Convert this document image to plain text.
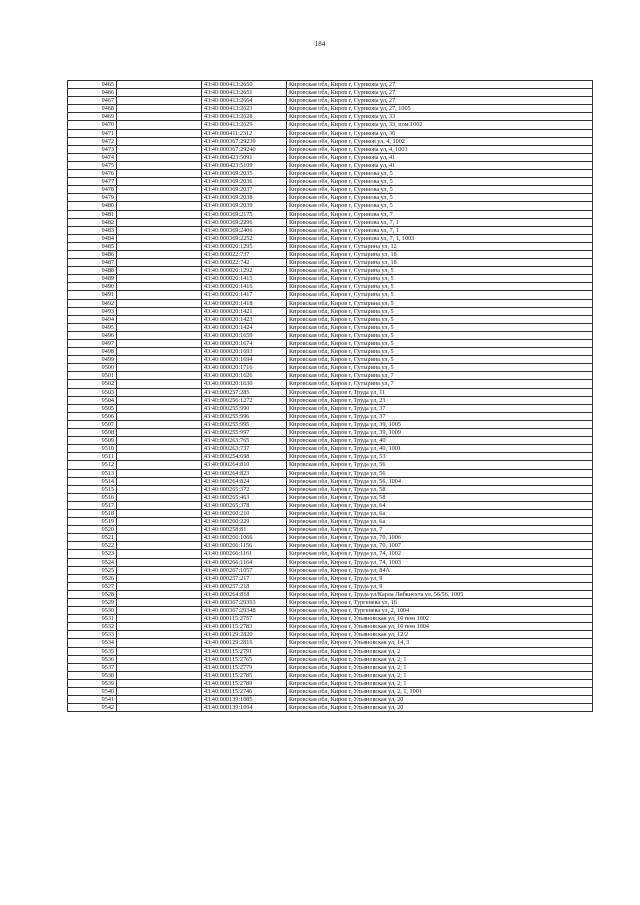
184
9465		43:40:000413:2650	Кировская обл, Киров г, Сурикова ул, 27
9466		43:40:000413:2651	Кировская обл, Киров г, Сурикова ул, 27
9467		43:40:000413:2664	Кировская обл, Киров г, Сурикова ул, 27
9468		43:40:000413:2623	Кировская обл, Киров г, Сурикова ул, 27, 1005
9469		43:40:000413:2628	Кировская обл, Киров г, Сурикова ул, 33
9470		43:40:000413:2629	Кировская обл, Киров г, Сурикова ул, 33, пом.1002
9471		43:40:000411:2312	Кировская обл, Киров г, Сурикова ул, 36
9472		43:40:000367:29239	Кировская обл, Киров г, Суриков ул, 4, 1002
9473		43:40:000367:29240	Кировская обл, Киров г, Сурикова ул, 4, 1003
9474		43:40:000423:5091	Кировская обл, Киров г, Сурикова ул, 41
9475		43:40:000423:5109	Кировская обл, Киров г, Сурикова ул, 41
9476		43:40:000369:2035	Кировская обл, Киров г, Суринова ул, 5
9477		43:40:000369:2036	Кировская обл, Киров г, Суринова ул, 5
9478		43:40:000369:2037	Кировская обл, Киров г, Суринова ул, 5
9479		43:40:000369:2038	Кировская обл, Киров г, Суринова ул, 5
9480		43:40:000369:2039	Кировская обл, Киров г, Суринова ул, 5
9481		43:40:000369:2175	Кировская обл, Киров г, Суринова ул, 7
9482		43:40:000369:2296	Кировская обл, Киров г, Суринова ул, 7, 1
9483		43:40:000369:2406	Кировская обл, Киров г, Суринова ул, 7, 1
9484		43:40:000369:2252	Кировская обл, Киров г, Суринова ул, 7, 1, 1003
9485		43:40:000020:1295	Кировская обл, Киров г, Сутырина ул, 12
9486		43:40:000022:737	Кировская обл, Киров г, Сутырина ул, 18
9487		43:40:000022:742	Кировская обл, Киров г, Сутырина ул, 18
9488		43:40:000020:1292	Кировская обл, Киров г, Сутырина ул, 5
9489		43:40:000020:1415	Кировская обл, Киров г, Сутырина ул, 5
9490		43:40:000020:1416	Кировская обл, Киров г, Сутырина ул, 5
9491		43:40:000020:1417	Кировская обл, Киров г, Сутырина ул, 5
9492		43:40:000020:1418	Кировская обл, Киров г, Сутырина ул, 5
9493		43:40:000020:1421	Кировская обл, Киров г, Сутырина ул, 5
9494		43:40:000020:1423	Кировская обл, Киров г, Сутырина ул, 5
9495		43:40:000020:1424	Кировская обл, Киров г, Сутырина ул, 5
9496		43:40:000020:1659	Кировская обл, Киров г, Сутырина ул, 5
9497		43:40:000020:1674	Кировская обл, Киров г, Сутырина ул, 5
9498		43:40:000020:1693	Кировская обл, Киров г, Сутырина ул, 5
9499		43:40:000020:1694	Кировская обл, Киров г, Сутырина ул, 5
9500		43:40:000020:1716	Кировская обл, Киров г, Сутырина ул, 5
9501		43:40:000020:1626	Кировская обл, Киров г, Сутырина ул, 7
9502		43:40:000020:1630	Кировская обл, Киров г, Сутырина ул, 7
9503		43:40:000257:285	Кировская обл, Киров г, Труда ул, 11
9504		43:40:000256:1272	Кировская обл, Киров г, Труда ул, 23
9505		43:40:000255:990	Кировская обл, Киров г, Труда ул, 37
9506		43:40:000255:996	Кировская обл, Киров г, Труда ул, 37
9507		43:40:000255:995	Кировская обл, Киров г, Труда ул, 39, 1005
9508		43:40:000255:997	Кировская обл, Киров г, Труда ул, 39, 1009
9509		43:40:000263:765	Кировская обл, Киров г, Труда ул, 40
9510		43:40:000263:737	Кировская обл, Киров г, Труда ул, 40, 1001
9511		43:40:000254:698	Кировская обл, Киров г, Труда ул, 53
9512		43:40:000264:810	Кировская обл, Киров г, Труда ул, 56
9513		43:40:000264:823	Кировская обл, Киров г, Труда ул, 56
9514		43:40:000264:824	Кировская обл, Киров г, Труда ул, 56, 1004
9515		43:40:000265:372	Кировская обл, Киров г, Труда ул, 58
9516		43:40:000265:463	Кировская обл, Киров г, Труда ул, 58
9517		43:40:000265:378	Кировская обл, Киров г, Труда ул, 64
9518		43:40:000260:210	Кировская обл, Киров г, Труда ул, 6а
9519		43:40:000260:229	Кировская обл, Киров г, Труда ул, 6а
9520		43:40:000258:81	Кировская обл, Киров г, Труда ул, 7
9521		43:40:000266:1066	Кировская обл, Киров г, Труда ул, 70, 1006
9522		43:40:000266:1156	Кировская обл, Киров г, Труда ул, 70, 1007
9523		43:40:000266:1161	Кировская обл, Киров г, Труда ул, 74, 1002
9524		43:40:000266:1164	Кировская обл, Киров г, Труда ул, 74, 1003
9525		43:40:000267:1057	Кировская обл, Киров г, Труда ул, 84А
9526		43:40:000257:217	Кировская обл, Киров г, Труда ул, 9
9527		43:40:000257:218	Кировская обл, Киров г, Труда ул, 9
9528		43:40:000264:818	Кировская обл, Киров г, Труда ул/Карла Либкнехта ул, 56/56, 1005
9529		43:40:000367:29393	Кировская обл, Киров г, Тургенева ул, 16
9530		43:40:000367:29348	Кировская обл, Киров г, Тургенева ул, 2, 1004
9531		43:40:000115:2757	Кировская обл, Киров г, Ульяновская ул, 10 пом 1002
9532		43:40:000115:2783	Кировская обл, Киров г, Ульяновская ул, 10 пом 1004
9533		43:40:000129:2820	Кировская обл, Киров г, Ульяновская ул, 12/2
9534		43:40:000129:2816	Кировская обл, Киров г, Ульяновская ул, 14, 3
9535		43:40:000115:2791	Кировская обл, Киров г, Ульяновская ул, 2
9536		43:40:000115:2765	Кировская обл, Киров г, Ульяновская ул, 2, 1
9537		43:40:000115:2779	Кировская обл, Киров г, Ульяновская ул, 2, 1
9538		43:40:000115:2785	Кировская обл, Киров г, Ульяновская ул, 2, 1
9539		43:40:000115:2789	Кировская обл, Киров г, Ульяновская ул, 2, 1
9540		43:40:000115:2746	Кировская обл, Киров г, Ульяновская ул, 2, 1, 1001
9541		43:40:000139:1085	Кировская обл, Киров г, Ульяновская ул, 20
9542		43:40:000139:1094	Кировская обл, Киров г, Ульяновская ул, 20
